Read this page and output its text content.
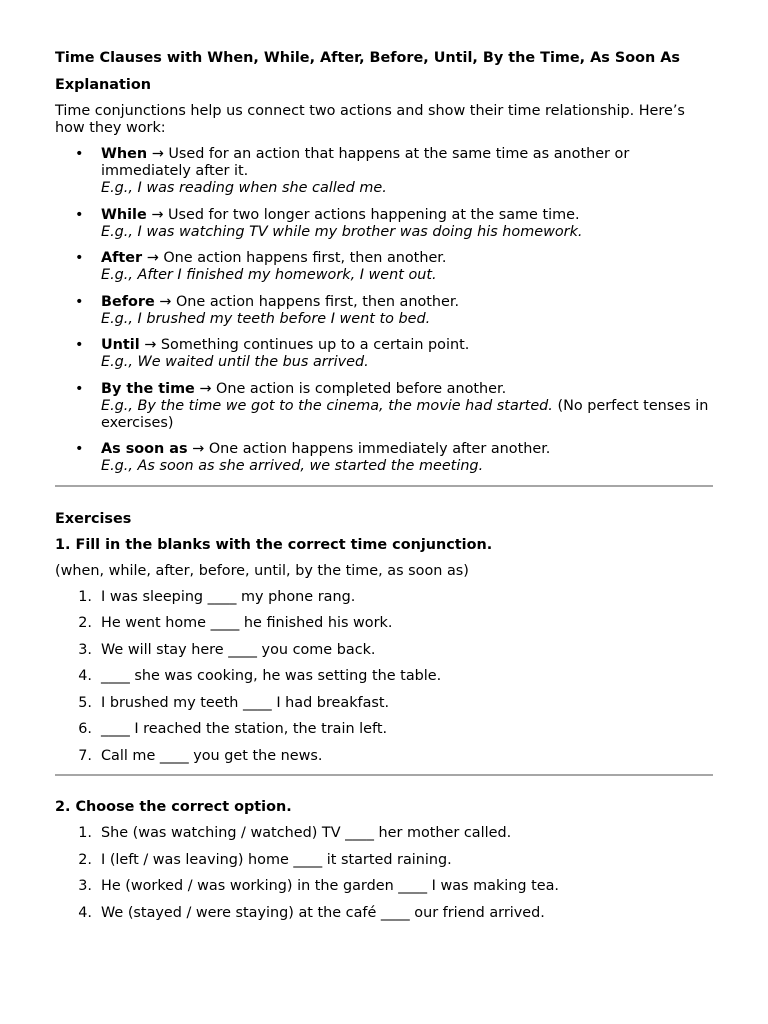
Time Clauses with When, While, After, Before, Until, By the Time, As Soon As
Explanation
Time conjunctions help us connect two actions and show their time relationship. Here’s how they work:
• When → Used for an action that happens at the same time as another or immediately after it.
E.g., I was reading when she called me.
• While → Used for two longer actions happening at the same time.
E.g., I was watching TV while my brother was doing his homework.
• After → One action happens first, then another.
E.g., After I finished my homework, I went out.
• Before → One action happens first, then another.
E.g., I brushed my teeth before I went to bed.
• Until → Something continues up to a certain point.
E.g., We waited until the bus arrived.
• By the time → One action is completed before another.
E.g., By the time we got to the cinema, the movie had started. (No perfect tenses in exercises)
• As soon as → One action happens immediately after another.
E.g., As soon as she arrived, we started the meeting.
Exercises
1. Fill in the blanks with the correct time conjunction.
(when, while, after, before, until, by the time, as soon as)
1. I was sleeping ____ my phone rang.
2. He went home ____ he finished his work.
3. We will stay here ____ you come back.
4. ____ she was cooking, he was setting the table.
5. I brushed my teeth ____ I had breakfast.
6. ____ I reached the station, the train left.
7. Call me ____ you get the news.
2. Choose the correct option.
1. She (was watching / watched) TV ____ her mother called.
2. I (left / was leaving) home ____ it started raining.
3. He (worked / was working) in the garden ____ I was making tea.
4. We (stayed / were staying) at the café ____ our friend arrived.
